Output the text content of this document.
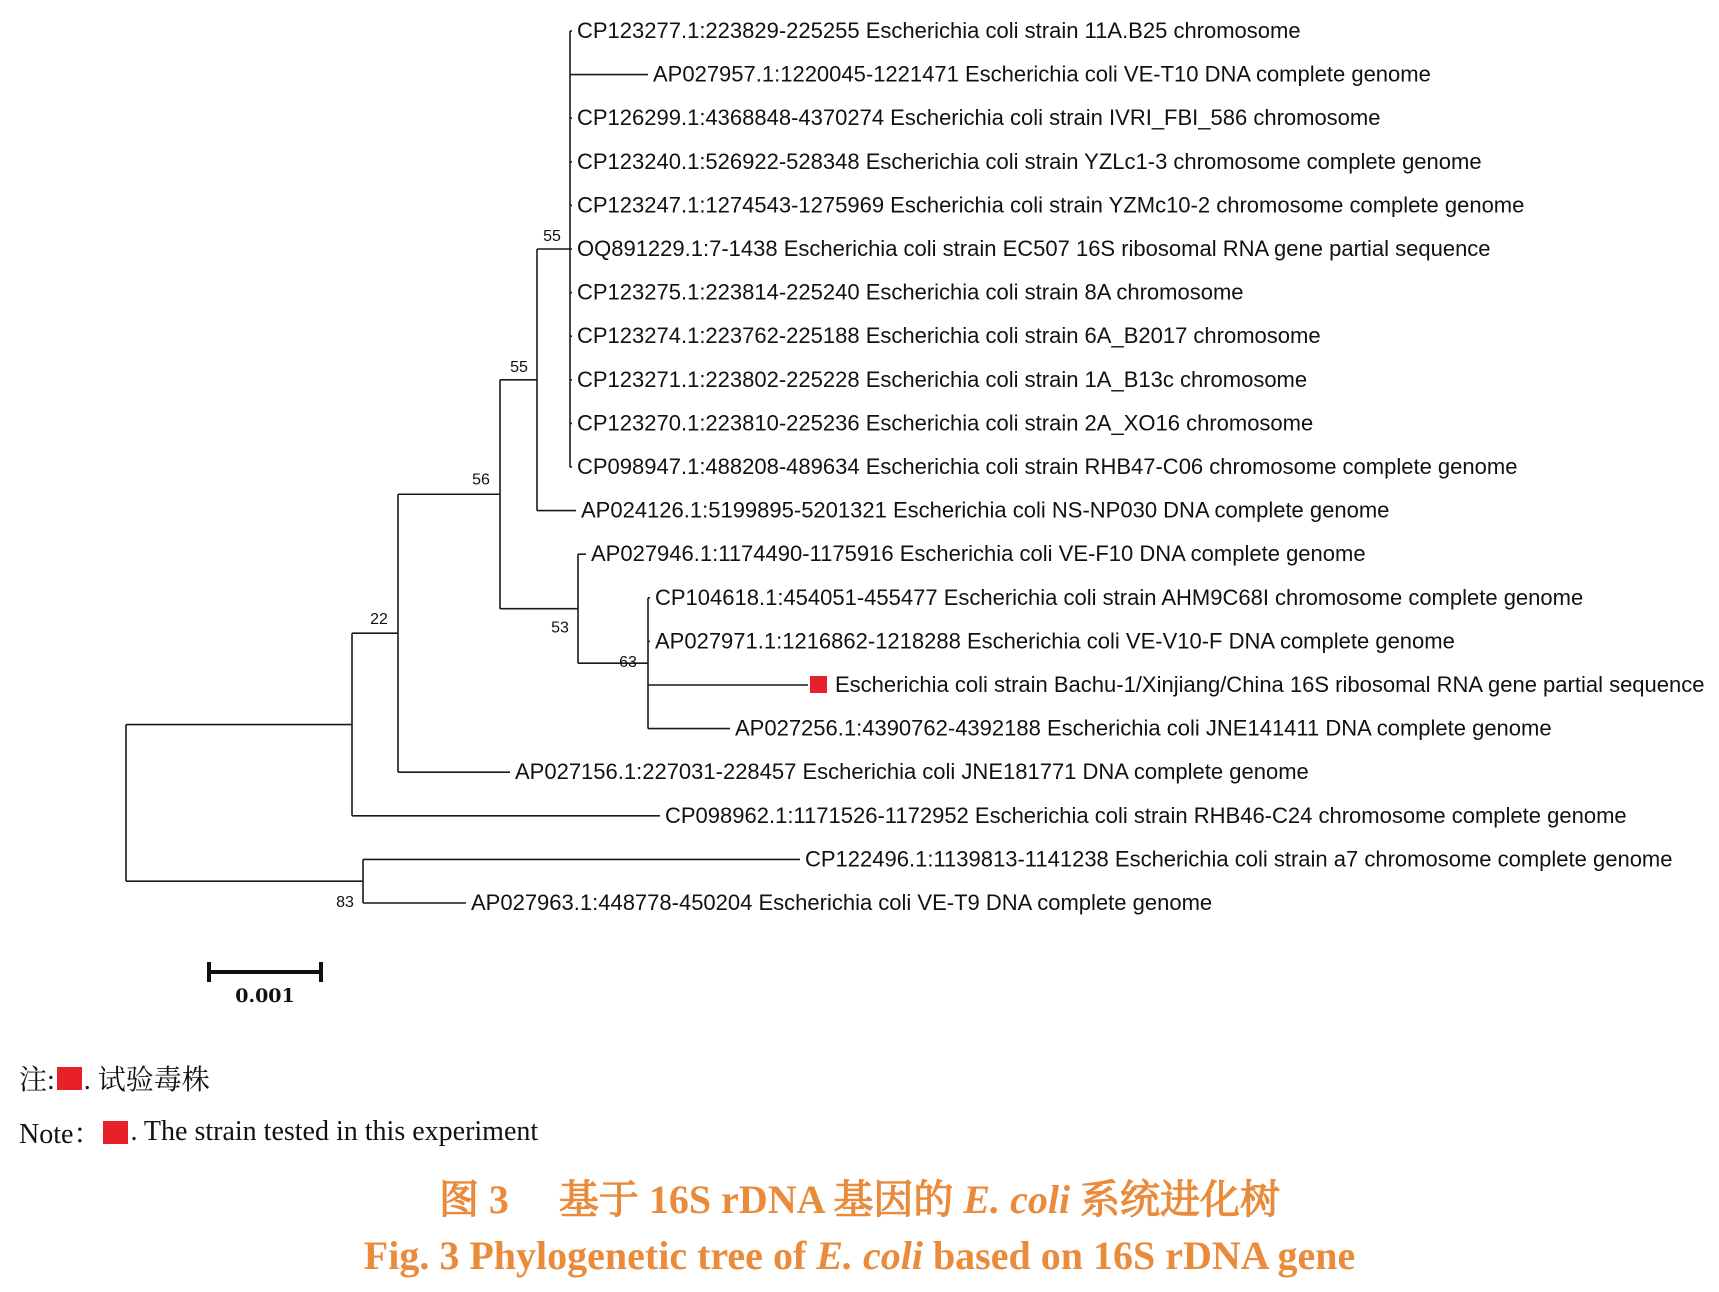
CP123277.1:223829-225255 Escherichia coli strain 11A.B25 chromosome
AP027957.1:1220045-1221471 Escherichia coli VE-T10 DNA complete genome
CP126299.1:4368848-4370274 Escherichia coli strain IVRI_FBI_586 chromosome
CP123240.1:526922-528348 Escherichia coli strain YZLc1-3 chromosome complete genome
CP123247.1:1274543-1275969 Escherichia coli strain YZMc10-2 chromosome complete genome
OQ891229.1:7-1438 Escherichia coli strain EC507 16S ribosomal RNA gene partial sequence
CP123275.1:223814-225240 Escherichia coli strain 8A chromosome
CP123274.1:223762-225188 Escherichia coli strain 6A_B2017 chromosome
CP123271.1:223802-225228 Escherichia coli strain 1A_B13c chromosome
CP123270.1:223810-225236 Escherichia coli strain 2A_XO16 chromosome
CP098947.1:488208-489634 Escherichia coli strain RHB47-C06 chromosome complete genome
AP024126.1:5199895-5201321 Escherichia coli NS-NP030 DNA complete genome
AP027946.1:1174490-1175916 Escherichia coli VE-F10 DNA complete genome
CP104618.1:454051-455477 Escherichia coli strain AHM9C68I chromosome complete genome
AP027971.1:1216862-1218288 Escherichia coli VE-V10-F DNA complete genome
Escherichia coli strain Bachu-1/Xinjiang/China 16S ribosomal RNA gene partial sequence
AP027256.1:4390762-4392188 Escherichia coli JNE141411 DNA complete genome
AP027156.1:227031-228457 Escherichia coli JNE181771 DNA complete genome
CP098962.1:1171526-1172952 Escherichia coli strain RHB46-C24 chromosome complete genome
CP122496.1:1139813-1141238 Escherichia coli strain a7 chromosome complete genome
AP027963.1:448778-450204 Escherichia coli VE-T9 DNA complete genome
55
55
56
22	53
63
83
0.001
注: . 试验毒株
Note： . The strain tested in this experiment
图 3　 基于 16S rDNA 基因的 E. coli 系统进化树
Fig. 3 Phylogenetic tree of E. coli based on 16S rDNA gene
